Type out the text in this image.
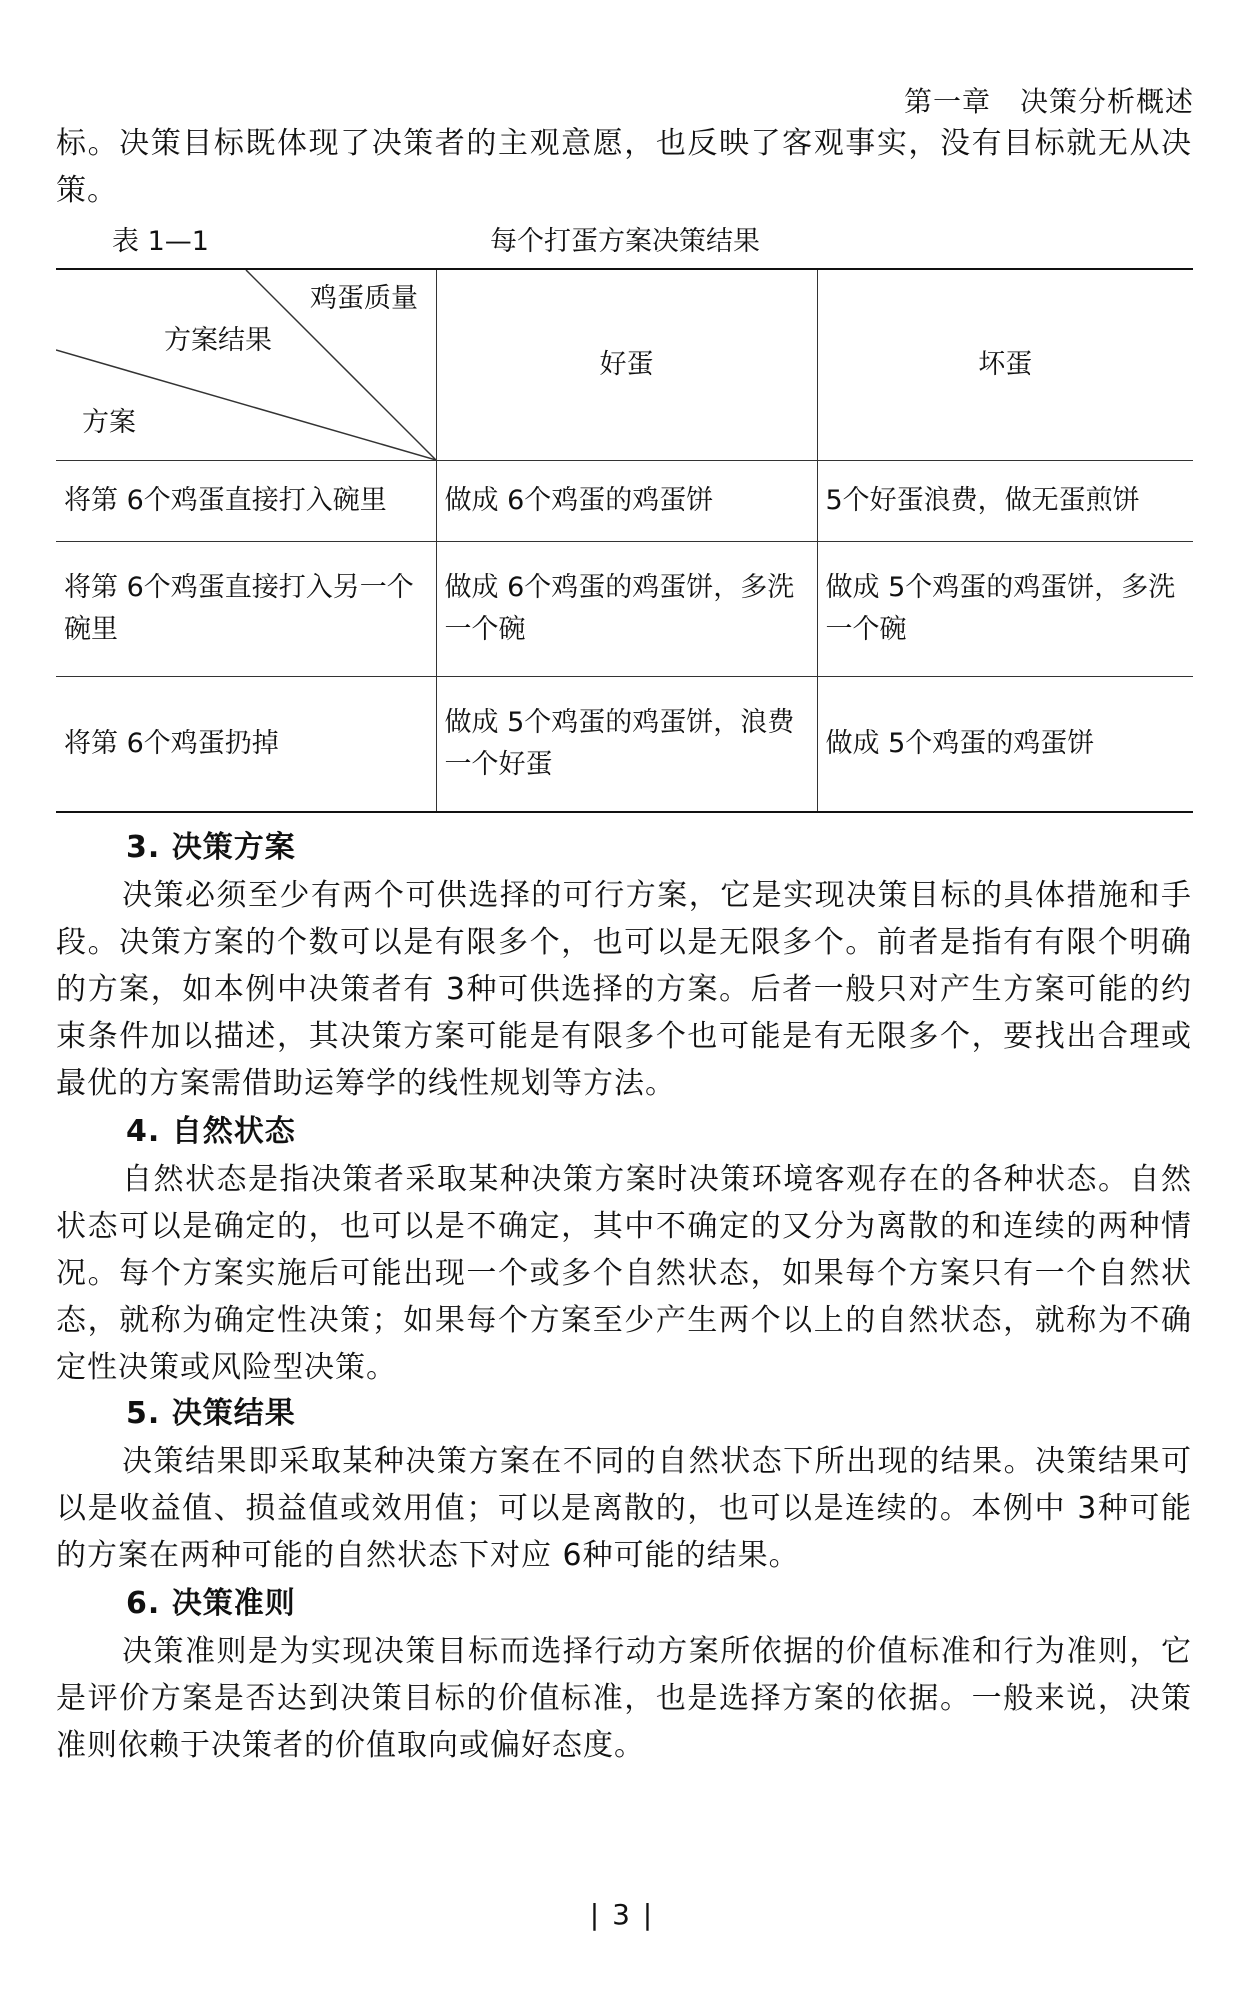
第一章　决策分析概述

标。决策目标既体现了决策者的主观意愿，也反映了客观事实，没有目标就无从决策。

表 1—1	每个打蛋方案决策结果
鸡蛋质量
方案结果
方案	好蛋	坏蛋
将第 6个鸡蛋直接打入碗里	做成 6个鸡蛋的鸡蛋饼	5个好蛋浪费，做无蛋煎饼
将第 6个鸡蛋直接打入另一个碗里	做成 6个鸡蛋的鸡蛋饼，多洗一个碗	做成 5个鸡蛋的鸡蛋饼，多洗一个碗
将第 6个鸡蛋扔掉	做成 5个鸡蛋的鸡蛋饼，浪费一个好蛋	做成 5个鸡蛋的鸡蛋饼
3. 决策方案

决策必须至少有两个可供选择的可行方案，它是实现决策目标的具体措施和手段。决策方案的个数可以是有限多个，也可以是无限多个。前者是指有有限个明确的方案，如本例中决策者有 3种可供选择的方案。后者一般只对产生方案可能的约束条件加以描述，其决策方案可能是有限多个也可能是有无限多个，要找出合理或最优的方案需借助运筹学的线性规划等方法。

4. 自然状态

自然状态是指决策者采取某种决策方案时决策环境客观存在的各种状态。自然状态可以是确定的，也可以是不确定，其中不确定的又分为离散的和连续的两种情况。每个方案实施后可能出现一个或多个自然状态，如果每个方案只有一个自然状态，就称为确定性决策；如果每个方案至少产生两个以上的自然状态，就称为不确定性决策或风险型决策。

5. 决策结果

决策结果即采取某种决策方案在不同的自然状态下所出现的结果。决策结果可以是收益值、损益值或效用值；可以是离散的，也可以是连续的。本例中 3种可能的方案在两种可能的自然状态下对应 6种可能的结果。

6. 决策准则

决策准则是为实现决策目标而选择行动方案所依据的价值标准和行为准则，它是评价方案是否达到决策目标的价值标准，也是选择方案的依据。一般来说，决策准则依赖于决策者的价值取向或偏好态度。

| 3 |
